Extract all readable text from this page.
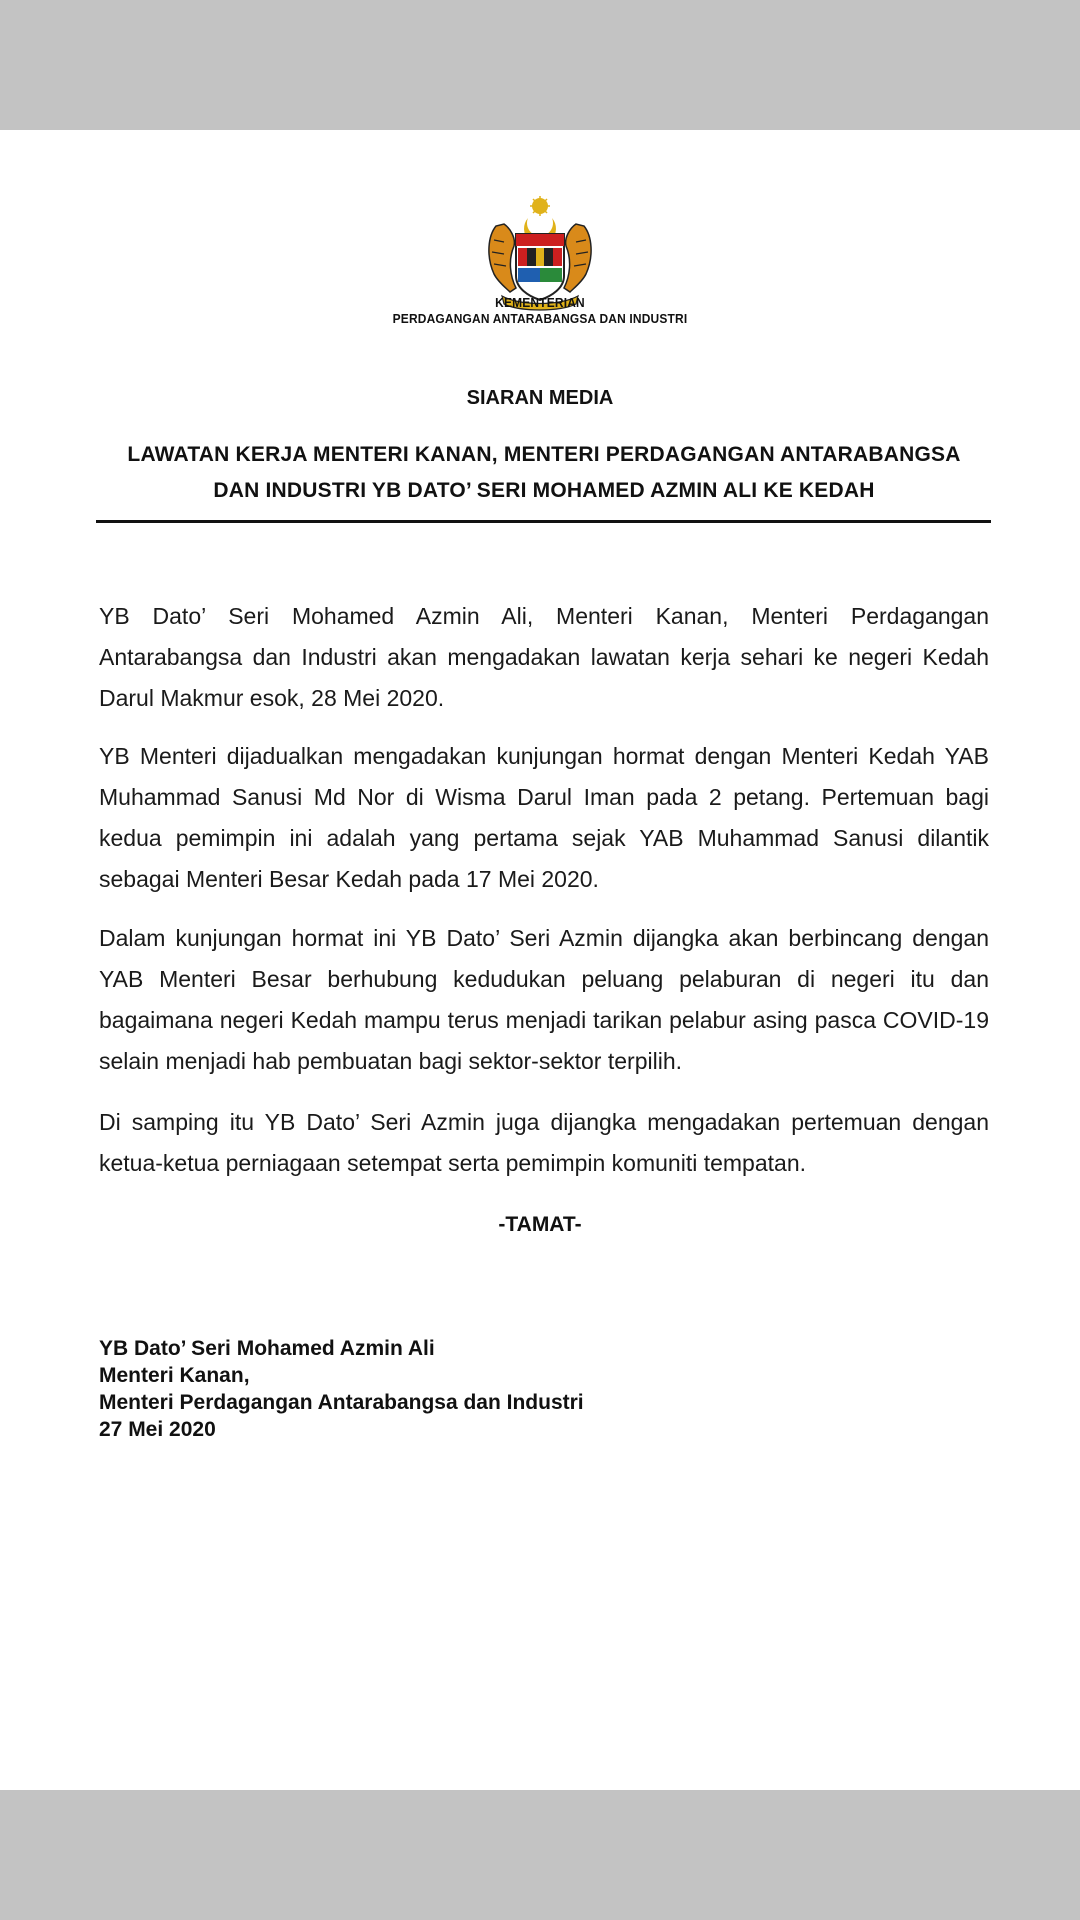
KEMENTERIAN
PERDAGANGAN ANTARABANGSA DAN INDUSTRI
SIARAN MEDIA
LAWATAN KERJA MENTERI KANAN, MENTERI PERDAGANGAN ANTARABANGSA
DAN INDUSTRI YB DATO’ SERI MOHAMED AZMIN ALI KE KEDAH

YB Dato’ Seri Mohamed Azmin Ali, Menteri Kanan, Menteri Perdagangan Antarabangsa dan Industri akan mengadakan lawatan kerja sehari ke negeri Kedah Darul Makmur esok, 28 Mei 2020.

YB Menteri dijadualkan mengadakan kunjungan hormat dengan Menteri Kedah YAB Muhammad Sanusi Md Nor di Wisma Darul Iman pada 2 petang. Pertemuan bagi kedua pemimpin ini adalah yang pertama sejak YAB Muhammad Sanusi dilantik sebagai Menteri Besar Kedah pada 17 Mei 2020.

Dalam kunjungan hormat ini YB Dato’ Seri Azmin dijangka akan berbincang dengan YAB Menteri Besar berhubung kedudukan peluang pelaburan di negeri itu dan bagaimana negeri Kedah mampu terus menjadi tarikan pelabur asing pasca COVID-19 selain menjadi hab pembuatan bagi sektor-sektor terpilih.

Di samping itu YB Dato’ Seri Azmin juga dijangka mengadakan pertemuan dengan ketua-ketua perniagaan setempat serta pemimpin komuniti tempatan.

-TAMAT-
YB Dato’ Seri Mohamed Azmin Ali
Menteri Kanan,
Menteri Perdagangan Antarabangsa dan Industri
27 Mei 2020
